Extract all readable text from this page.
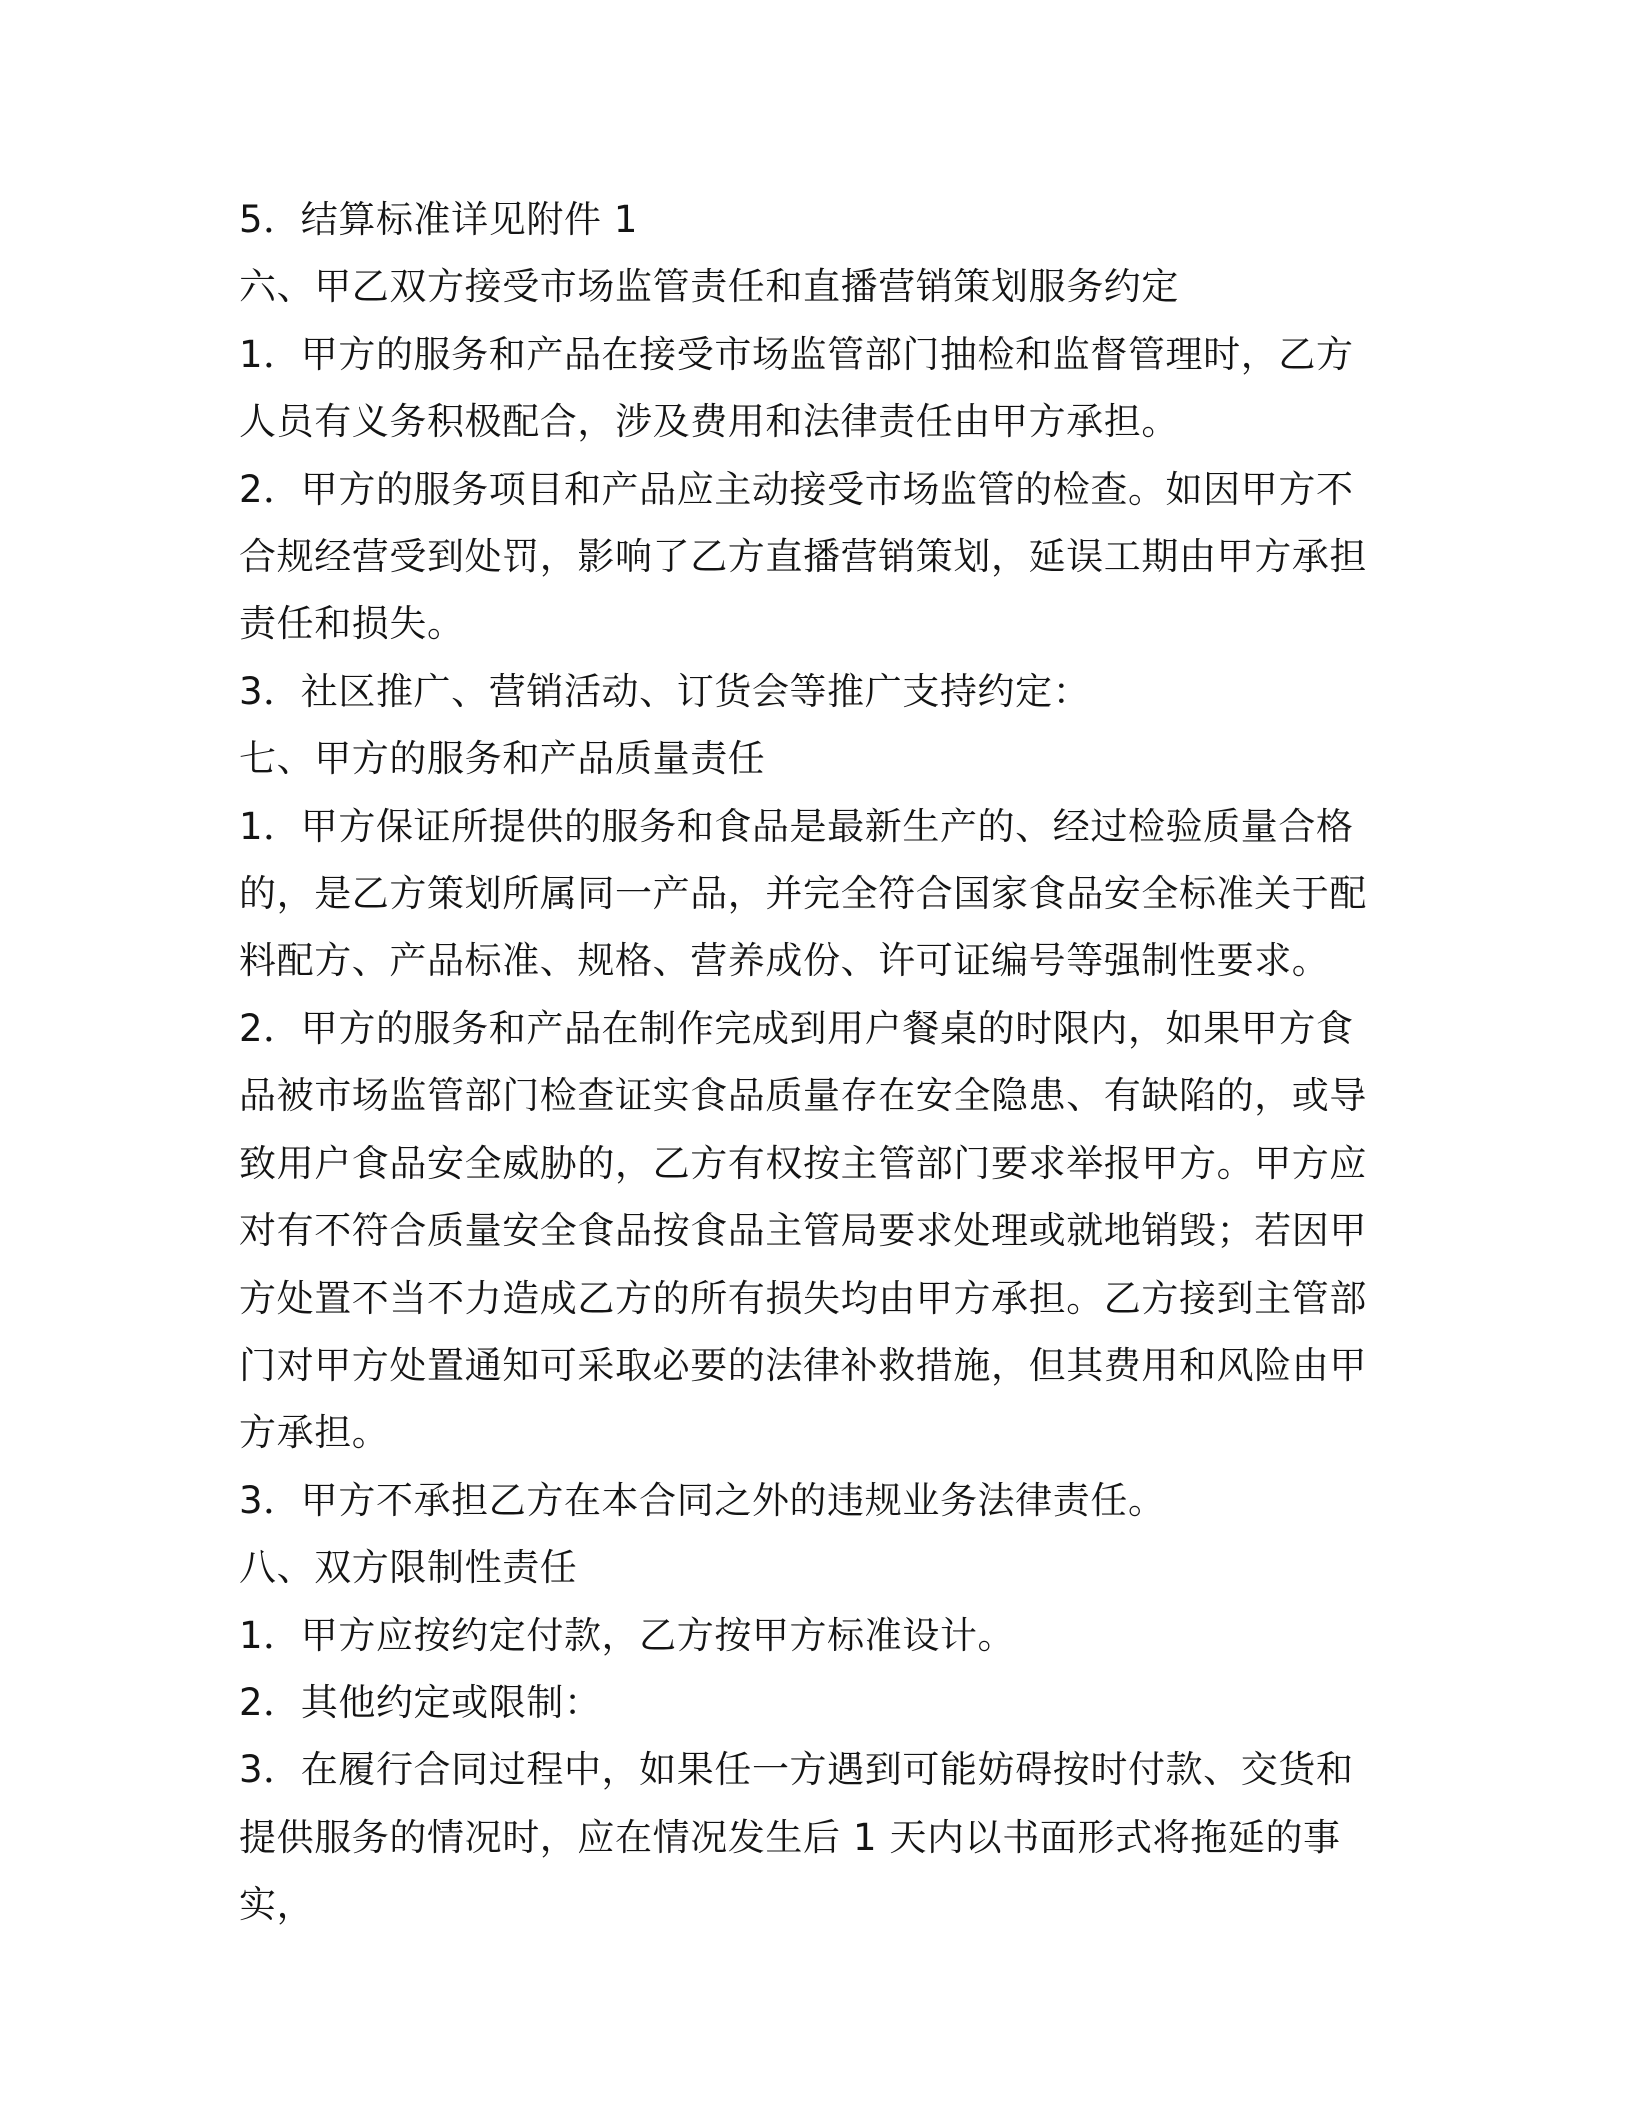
5．结算标准详见附件 1

六、甲乙双方接受市场监管责任和直播营销策划服务约定

1．甲方的服务和产品在接受市场监管部门抽检和监督管理时，乙方人员有义务积极配合，涉及费用和法律责任由甲方承担。

2．甲方的服务项目和产品应主动接受市场监管的检查。如因甲方不合规经营受到处罚，影响了乙方直播营销策划，延误工期由甲方承担责任和损失。

3．社区推广、营销活动、订货会等推广支持约定：

七、甲方的服务和产品质量责任

1．甲方保证所提供的服务和食品是最新生产的、经过检验质量合格的，是乙方策划所属同一产品，并完全符合国家食品安全标准关于配料配方、产品标准、规格、营养成份、许可证编号等强制性要求。

2．甲方的服务和产品在制作完成到用户餐桌的时限内，如果甲方食品被市场监管部门检查证实食品质量存在安全隐患、有缺陷的，或导致用户食品安全威胁的，乙方有权按主管部门要求举报甲方。甲方应对有不符合质量安全食品按食品主管局要求处理或就地销毁；若因甲方处置不当不力造成乙方的所有损失均由甲方承担。乙方接到主管部门对甲方处置通知可采取必要的法律补救措施，但其费用和风险由甲方承担。

3．甲方不承担乙方在本合同之外的违规业务法律责任。

八、双方限制性责任

1．甲方应按约定付款，乙方按甲方标准设计。

2．其他约定或限制：

3．在履行合同过程中，如果任一方遇到可能妨碍按时付款、交货和提供服务的情况时，应在情况发生后 1 天内以书面形式将拖延的事实，
